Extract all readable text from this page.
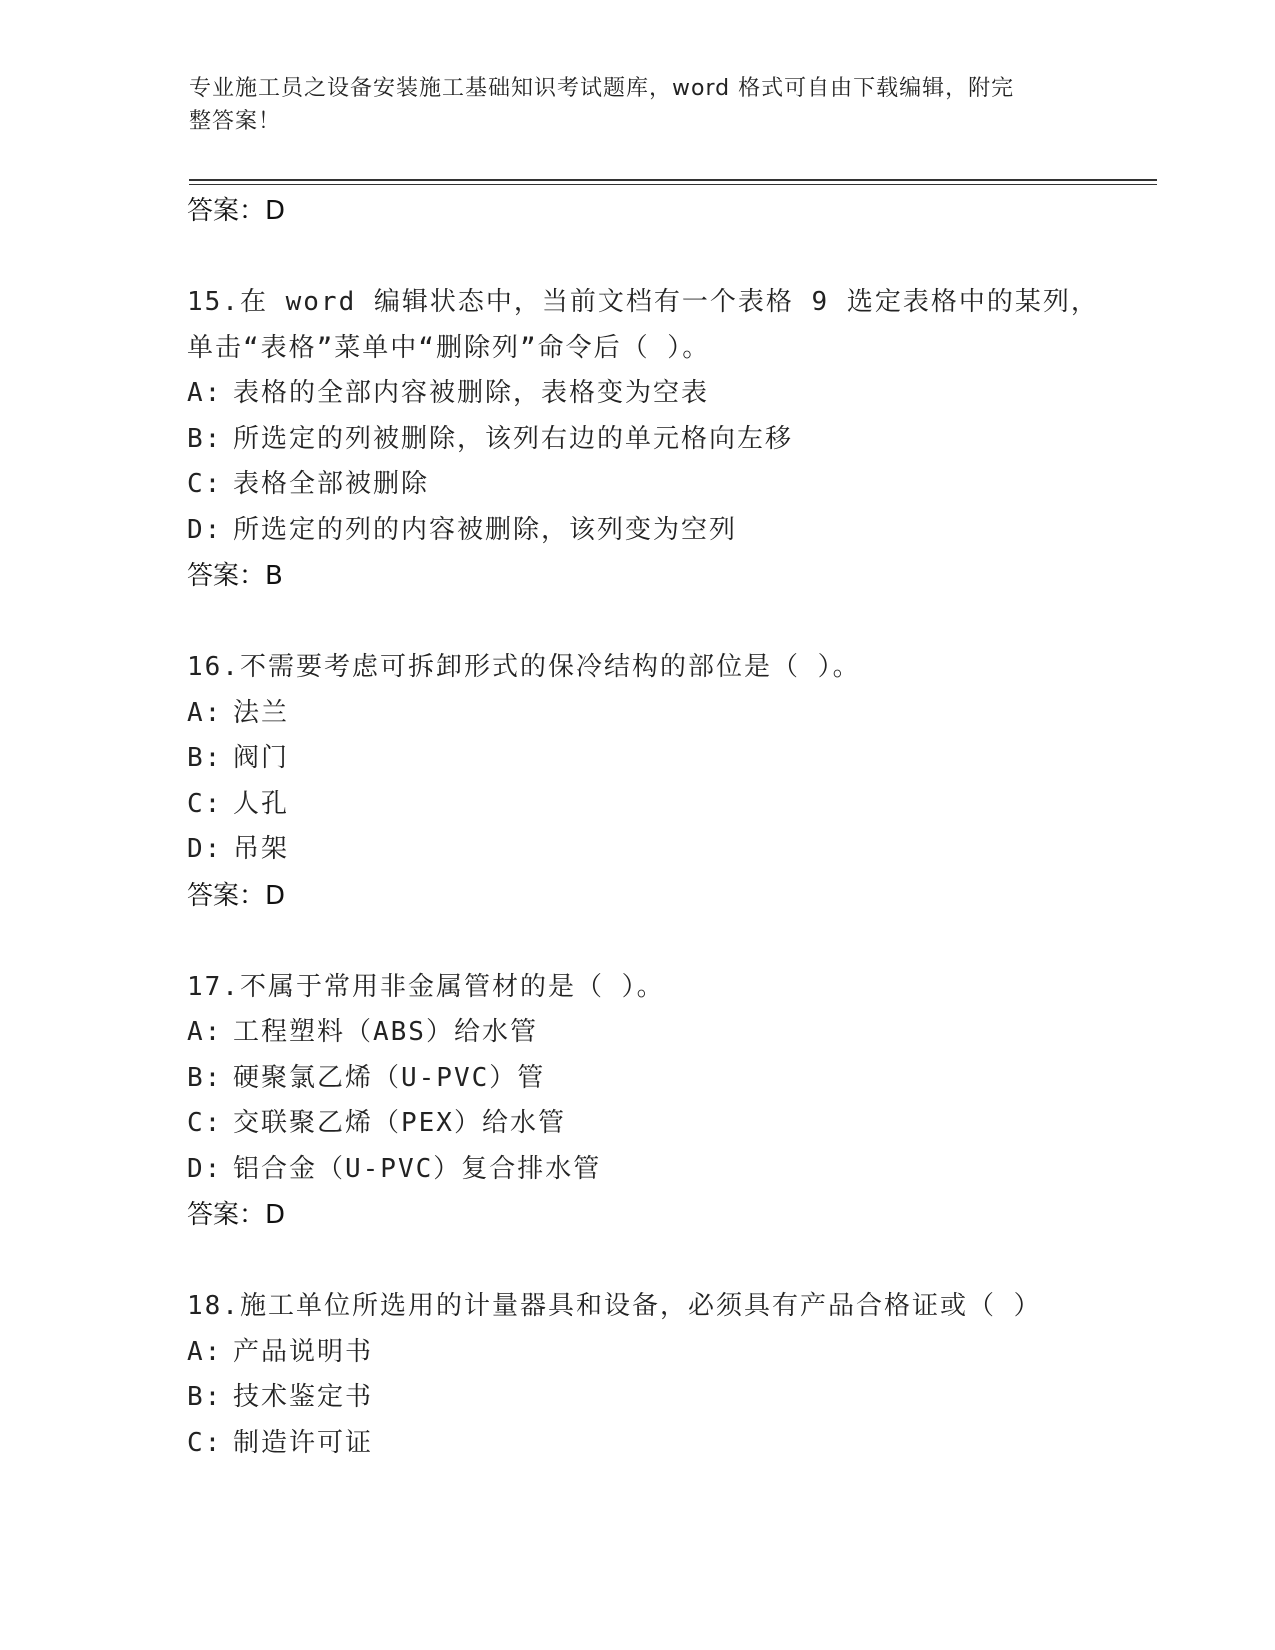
专业施工员之设备安装施工基础知识考试题库，word 格式可自由下载编辑，附完
整答案！
答案：D
15.在 word 编辑状态中，当前文档有一个表格 9 选定表格中的某列，
单击“表格”菜单中“删除列”命令后（ ）。
A: 表格的全部内容被删除，表格变为空表
B: 所选定的列被删除，该列右边的单元格向左移
C: 表格全部被删除
D: 所选定的列的内容被删除，该列变为空列
答案：B
16.不需要考虑可拆卸形式的保冷结构的部位是（ ）。
A: 法兰
B: 阀门
C: 人孔
D: 吊架
答案：D
17.不属于常用非金属管材的是（ ）。
A: 工程塑料（ABS）给水管
B: 硬聚氯乙烯（U-PVC）管
C: 交联聚乙烯（PEX）给水管
D: 铝合金（U-PVC）复合排水管
答案：D
18.施工单位所选用的计量器具和设备，必须具有产品合格证或（ ）
A: 产品说明书
B: 技术鉴定书
C: 制造许可证
